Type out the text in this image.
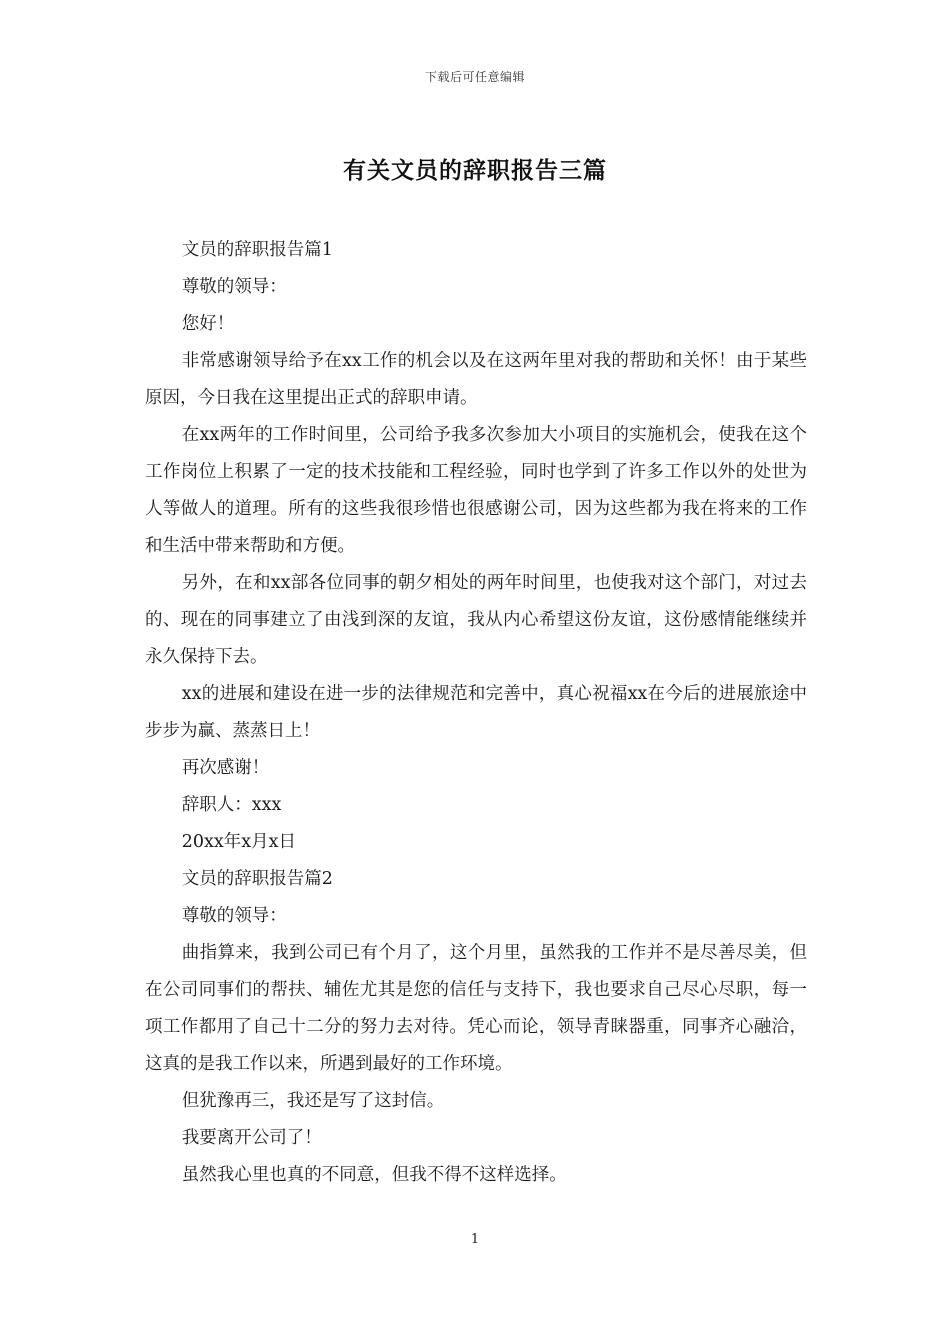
下载后可任意编辑
有关文员的辞职报告三篇

文员的辞职报告篇1

尊敬的领导：

您好！

非常感谢领导给予在xx工作的机会以及在这两年里对我的帮助和关怀！由于某些原因，今日我在这里提出正式的辞职申请。

在xx两年的工作时间里，公司给予我多次参加大小项目的实施机会，使我在这个工作岗位上积累了一定的技术技能和工程经验，同时也学到了许多工作以外的处世为人等做人的道理。所有的这些我很珍惜也很感谢公司，因为这些都为我在将来的工作和生活中带来帮助和方便。

另外，在和xx部各位同事的朝夕相处的两年时间里，也使我对这个部门，对过去的、现在的同事建立了由浅到深的友谊，我从内心希望这份友谊，这份感情能继续并永久保持下去。

xx的进展和建设在进一步的法律规范和完善中，真心祝福xx在今后的进展旅途中步步为赢、蒸蒸日上！

再次感谢！

辞职人：xxx

20xx年x月x日

文员的辞职报告篇2

尊敬的领导：

曲指算来，我到公司已有个月了，这个月里，虽然我的工作并不是尽善尽美，但在公司同事们的帮扶、辅佐尤其是您的信任与支持下，我也要求自己尽心尽职，每一项工作都用了自己十二分的努力去对待。凭心而论，领导青睐器重，同事齐心融洽，这真的是我工作以来，所遇到最好的工作环境。

但犹豫再三，我还是写了这封信。

我要离开公司了！

虽然我心里也真的不同意，但我不得不这样选择。

1
